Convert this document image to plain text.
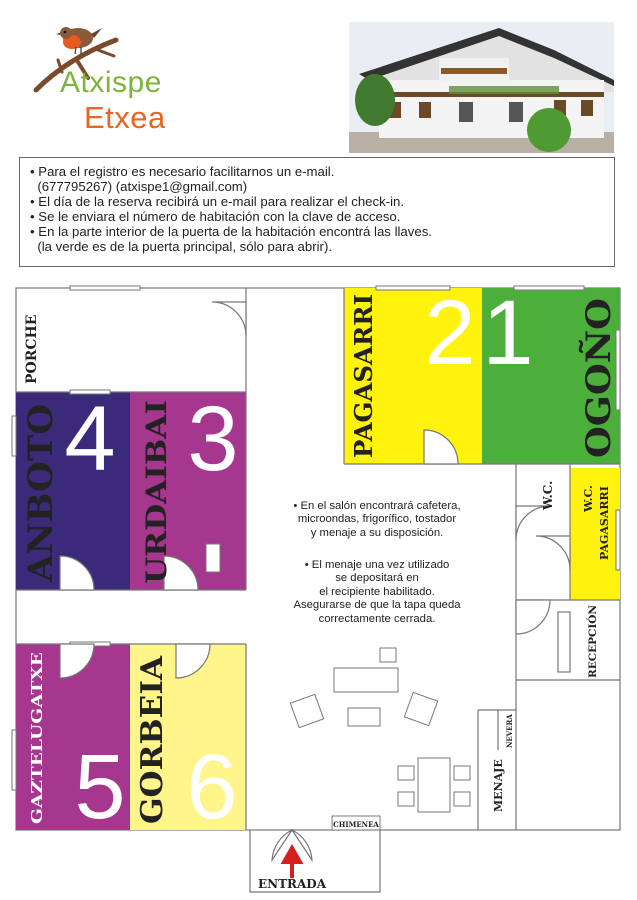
Atxispe
Etxea
• Para el registro es necesario facilitarnos un e-mail.
(677795267) (atxispe1@gmail.com)
• El día de la reserva recibirá un e-mail para realizar el check-in.
• Se le enviara el número de habitación con la clave de acceso.
• En la parte interior de la puerta de la habitación encontrá las llaves.
(la verde es de la puerta principal, sólo para abrir).
4 3
2 1
5 6
ANBOTO	URDAIBAI
PAGASARRI	OGOÑO
GAZTELUGATXE	GORBEIA
PORCHE
W.C. W.C. PAGASARRI
RECEPCIÓN
NEVERA
MENAJE
CHIMENEA
ENTRADA
• En el salón encontrará cafetera,
microondas, frigorífico, tostador
y menaje a su disposición.
• El menaje una vez utilizado
se depositará en
el recipiente habilitado.
Asegurarse de que la tapa queda
correctamente cerrada.
